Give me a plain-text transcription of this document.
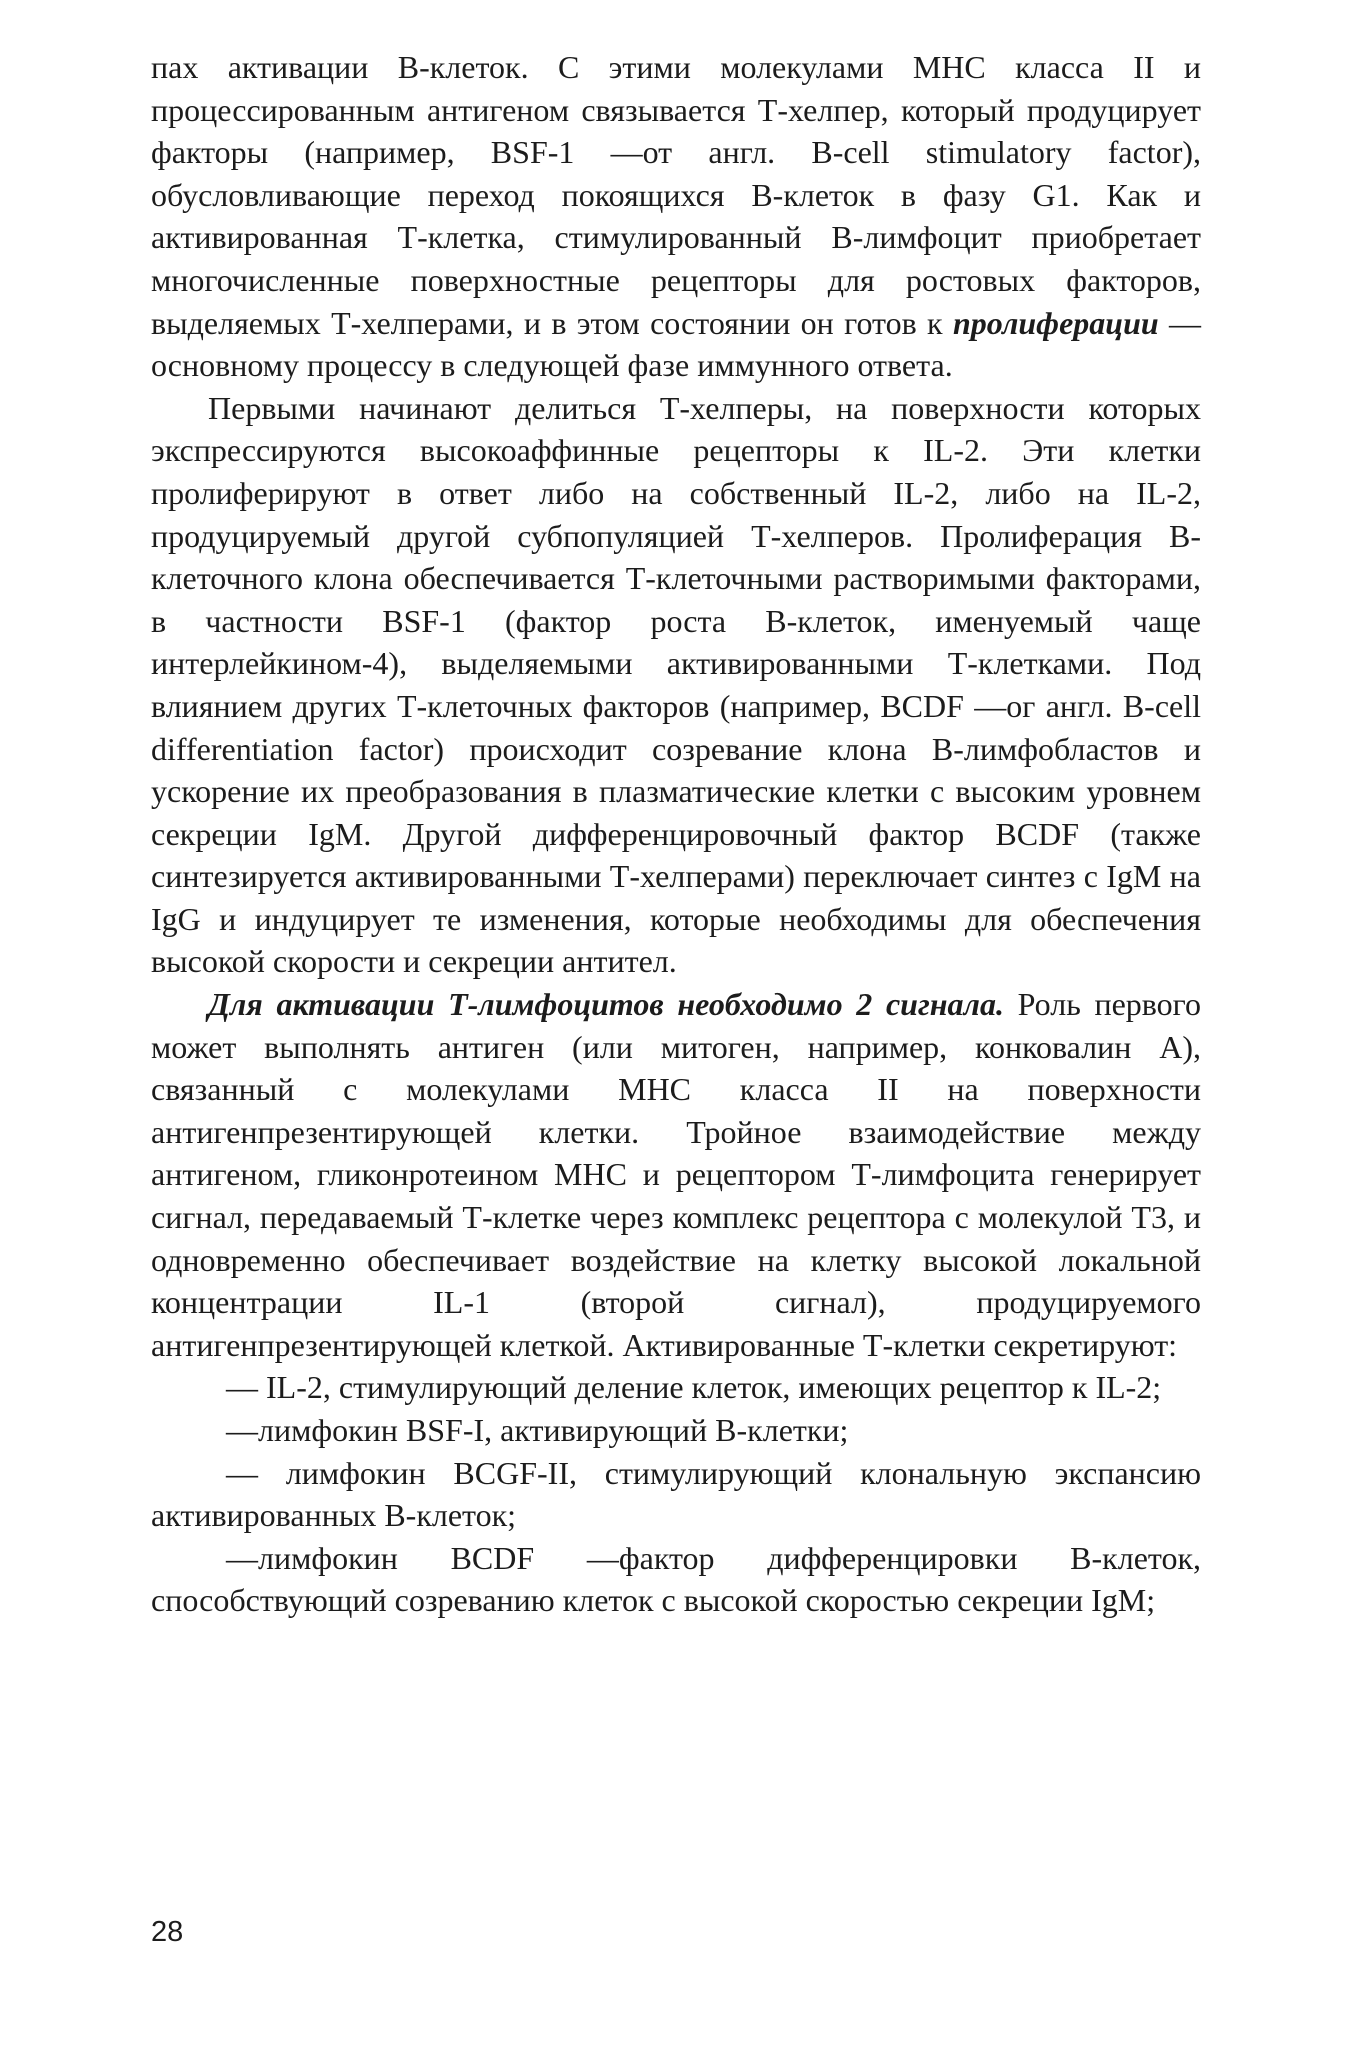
пах активации В-клеток. С этими молекулами МНС класса II и процессированным антигеном связывается Т-хелпер, который продуцирует факторы (например, BSF-1 —от англ. B-cell stimulatory factor), обусловливающие переход покоящихся В-клеток в фазу G1. Как и активированная Т-клетка, стимулированный В-лимфоцит приобретает многочисленные поверхностные рецепторы для ростовых факторов, выделяемых Т-хелперами, и в этом состоянии он готов к пролиферации —основному процессу в следующей фазе иммунного ответа.

Первыми начинают делиться Т-хелперы, на поверхности которых экспрессируются высокоаффинные рецепторы к IL-2. Эти клетки пролиферируют в ответ либо на собственный IL-2, либо на IL-2, продуцируемый другой субпопуляцией Т-хелперов. Пролиферация В-клеточного клона обеспечивается Т-клеточными растворимыми факторами, в частности BSF-1 (фактор роста В-клеток, именуемый чаще интерлейкином-4), выделяемыми активированными Т-клетками. Под влиянием других Т-клеточных факторов (например, BCDF —ог англ. B-cell differentiation factor) происходит созревание клона В-лимфобластов и ускорение их преобразования в плазматические клетки с высоким уровнем секреции IgM. Другой дифференцировочный фактор BCDF (также синтезируется активированными Т-хелперами) переключает синтез с IgM на IgG и индуцирует те изменения, которые необходимы для обеспечения высокой скорости и секреции антител.

Для активации Т-лимфоцитов необходимо 2 сигнала. Роль первого может выполнять антиген (или митоген, например, конковалин А), связанный с молекулами МНС класса II на поверхности антигенпрезентирующей клетки. Тройное взаимодействие между антигеном, гликонротеином МНС и рецептором Т-лимфоцита генерирует сигнал, передаваемый Т-клетке через комплекс рецептора с молекулой Т3, и одновременно обеспечивает воздействие на клетку высокой локальной концентрации IL-1 (второй сигнал), продуцируемого антигенпрезентирующей клеткой. Активированные Т-клетки секретируют:

— IL-2, стимулирующий деление клеток, имеющих рецептор к IL-2;

—лимфокин BSF-I, активирующий В-клетки;

— лимфокин BCGF-II, стимулирующий клональную экспансию активированных В-клеток;

—лимфокин BCDF —фактор дифференцировки В-клеток, способствующий созреванию клеток с высокой скоростью секреции IgM;

28
